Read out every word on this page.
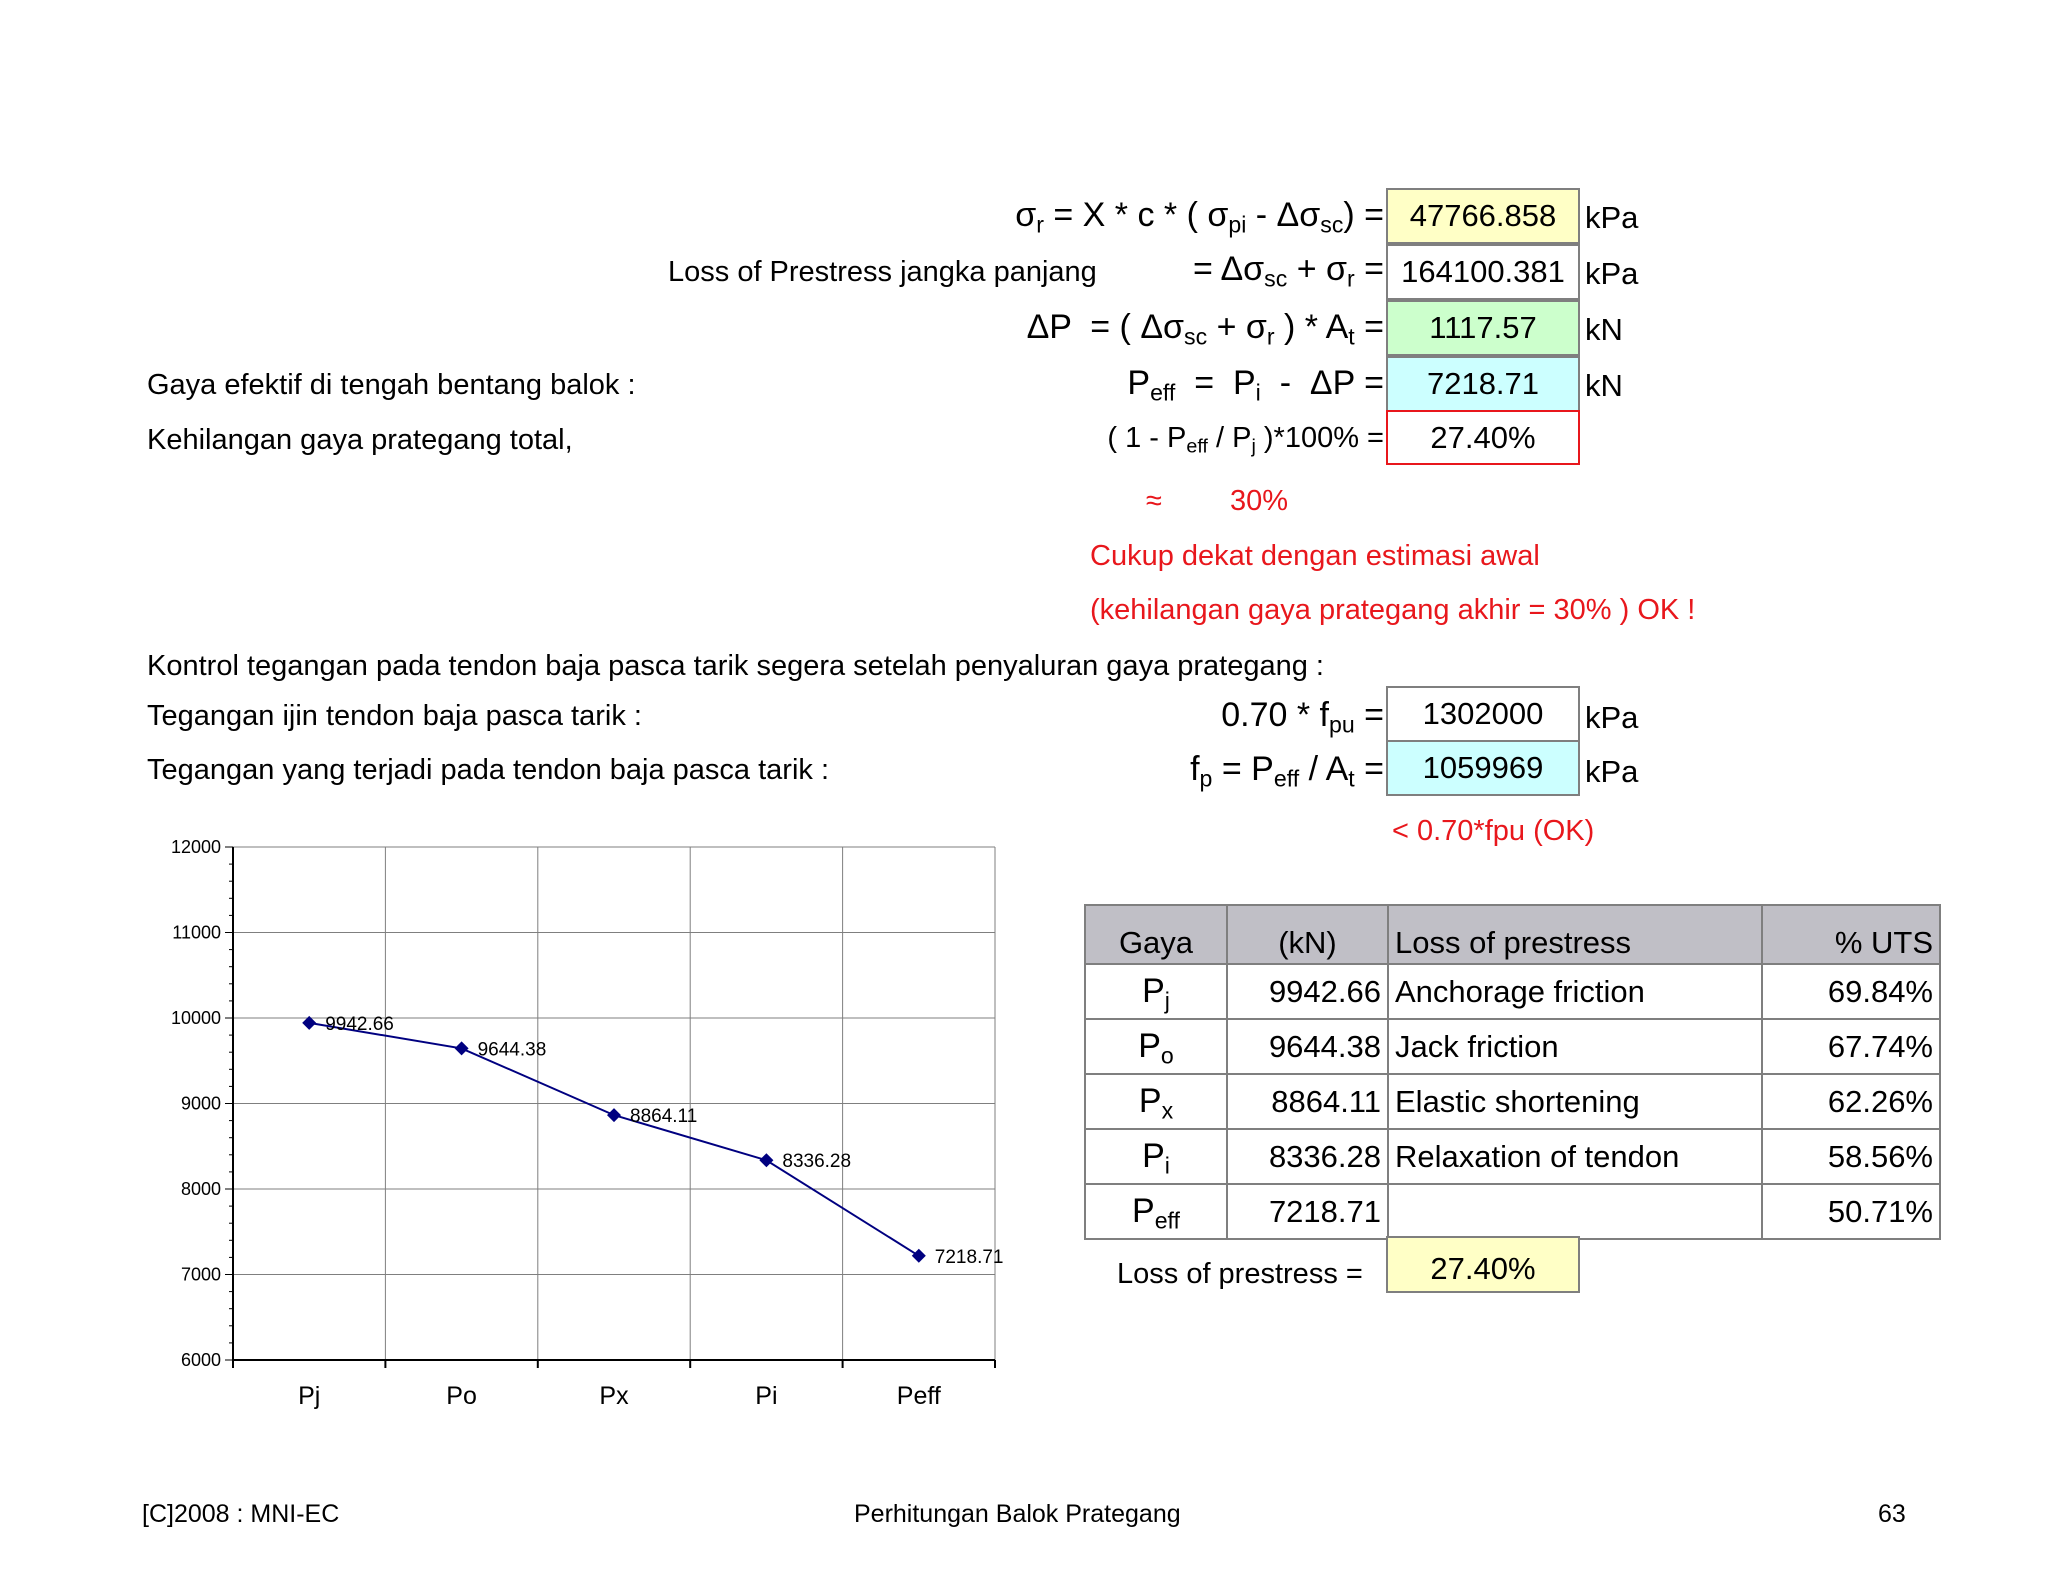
$\sigma_r = X * c$ * ( $\sigma_{pi} - \Delta\sigma_{sc}) = 47766.858$ kPa
Loss of Prestress jangka panjang	= $\Delta\sigma_{sc} + \sigma_r = 164100.381$ kPa
ΔP  = ( $\Delta\sigma_{sc} + \sigma_r$ ) * $A_t$ =	1117.57	kN
Gaya efektif di tengah bentang balok :	$P_{eff} = P_i - \Delta P$ =	7218.71	kN
Kehilangan gaya prategang total,	( $1 - P_{eff} / P_j$ )*100% =	27.40%
≈ 30%
Cukup dekat dengan estimasi awal
(kehilangan gaya prategang akhir = 30% ) OK !
Kontrol tegangan pada tendon baja pasca tarik segera setelah penyaluran gaya prategang :
Tegangan ijin tendon baja pasca tarik :	$0.70 * f_{pu}$ =	1302000	kPa
Tegangan yang terjadi pada tendon baja pasca tarik :	$f_p = P_{eff} / A_t$ =	1059969	kPa
< 0.70*fpu (OK)
6000
7000
8000
9000
10000
11000
12000
Pj	Po	Px	Pi	Peff
9942.66
9644.38
8864.11
8336.28
7218.71
Gaya	(kN)	Loss of prestress	% UTS
$P_j$	9942.66	Anchorage friction	69.84%
$P_o$	9644.38	Jack friction	67.74%
$P_x$	8864.11	Elastic shortening	62.26%
$P_i$	8336.28	Relaxation of tendon	58.56%
$P_{eff}$	7218.71		50.71%
Loss of prestress =	27.40%
[C]2008 : MNI-EC	Perhitungan Balok Prategang	63
